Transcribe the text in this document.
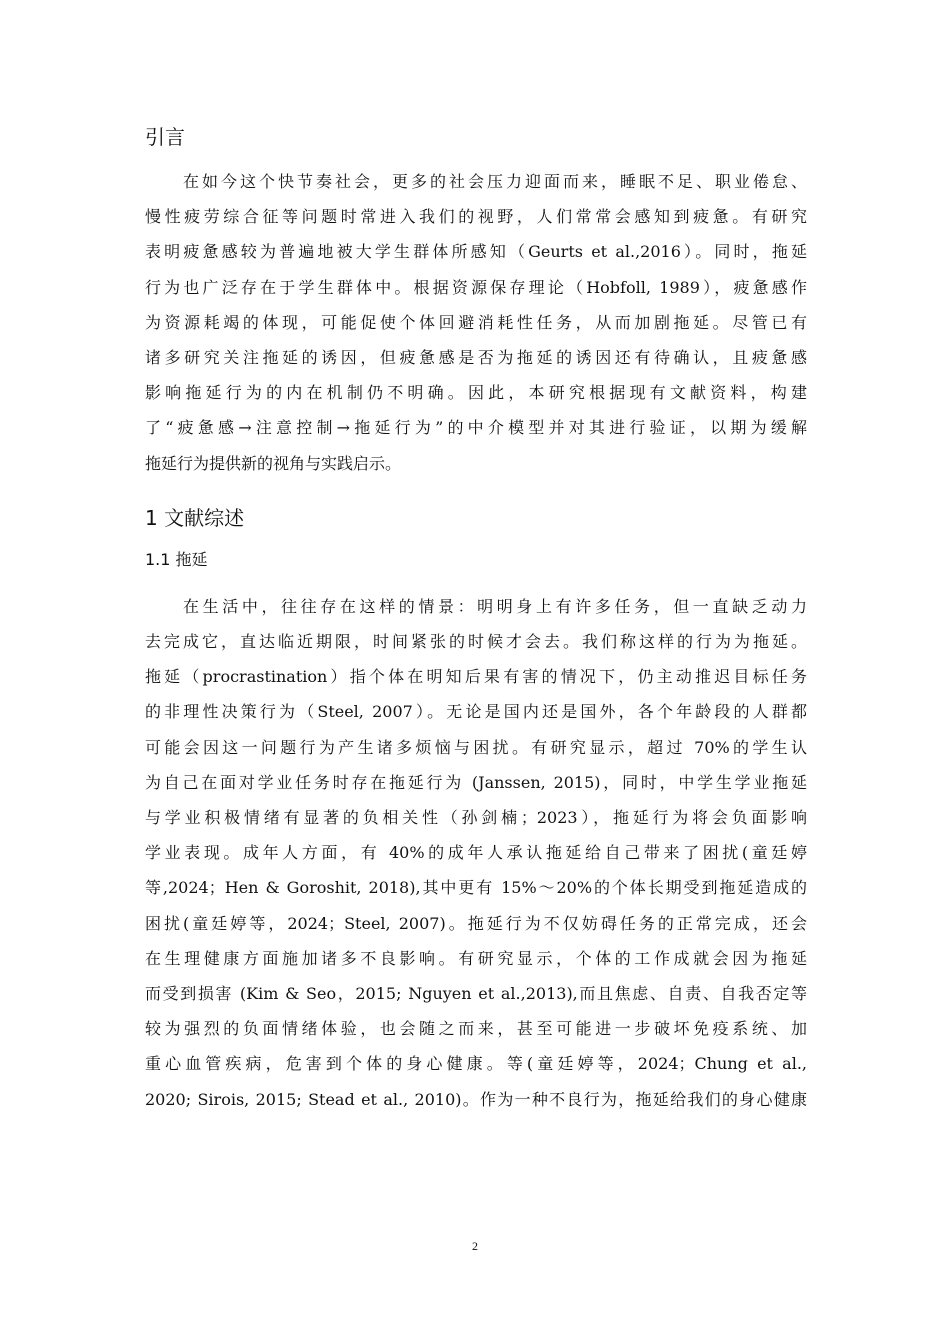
引言
在如今这个快节奏社会，更多的社会压力迎面而来，睡眠不足、职业倦怠、
慢性疲劳综合征等问题时常进入我们的视野，人们常常会感知到疲惫。有研究
表明疲惫感较为普遍地被大学生群体所感知（Geurts et al.,2016）。同时，拖延
行为也广泛存在于学生群体中。根据资源保存理论（Hobfoll, 1989），疲惫感作
为资源耗竭的体现，可能促使个体回避消耗性任务，从而加剧拖延。尽管已有
诸多研究关注拖延的诱因，但疲惫感是否为拖延的诱因还有待确认，且疲惫感
影响拖延行为的内在机制仍不明确。因此，本研究根据现有文献资料，构建
了“疲惫感→注意控制→拖延行为”的中介模型并对其进行验证，以期为缓解
拖延行为提供新的视角与实践启示。
1 文献综述
1.1 拖延
在生活中，往往存在这样的情景：明明身上有许多任务，但一直缺乏动力
去完成它，直达临近期限，时间紧张的时候才会去。我们称这样的行为为拖延。
拖延（procrastination）指个体在明知后果有害的情况下，仍主动推迟目标任务
的非理性决策行为（Steel, 2007）。无论是国内还是国外，各个年龄段的人群都
可能会因这一问题行为产生诸多烦恼与困扰。有研究显示，超过 70%的学生认
为自己在面对学业任务时存在拖延行为 (Janssen, 2015)，同时，中学生学业拖延
与学业积极情绪有显著的负相关性（孙剑楠；2023），拖延行为将会负面影响
学业表现。成年人方面，有 40%的成年人承认拖延给自己带来了困扰(童廷婷
等,2024；Hen & Goroshit, 2018),其中更有 15%～20%的个体长期受到拖延造成的
困扰(童廷婷等，2024；Steel, 2007)。拖延行为不仅妨碍任务的正常完成，还会
在生理健康方面施加诸多不良影响。有研究显示，个体的工作成就会因为拖延
而受到损害 (Kim & Seo，2015; Nguyen et al.,2013),而且焦虑、自责、自我否定等
较为强烈的负面情绪体验，也会随之而来，甚至可能进一步破坏免疫系统、加
重心血管疾病，危害到个体的身心健康。等(童廷婷等，2024；Chung et al.,
2020; Sirois, 2015; Stead et al., 2010)。作为一种不良行为，拖延给我们的身心健康
2
